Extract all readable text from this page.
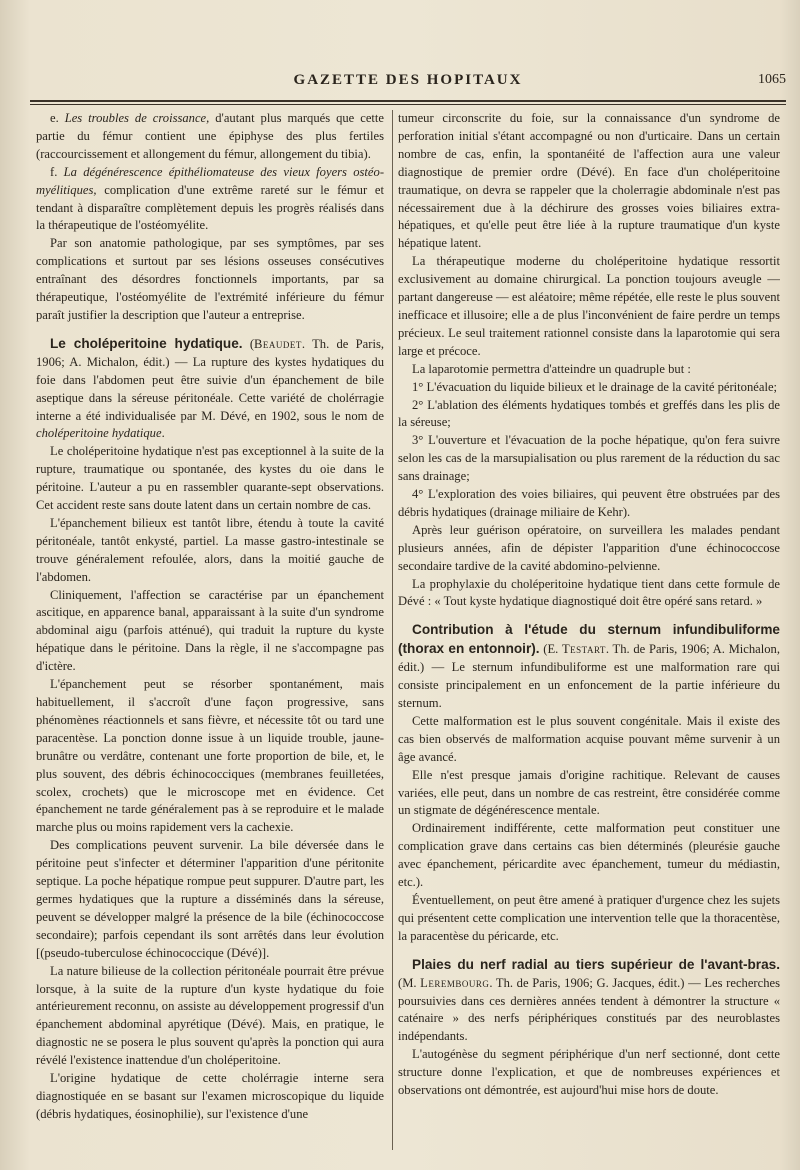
GAZETTE DES HOPITAUX	1065

e. Les troubles de croissance, d'autant plus marqués que cette partie du fémur contient une épiphyse des plus fertiles (raccourcissement et allongement du fémur, allongement du tibia).

f. La dégénérescence épithéliomateuse des vieux foyers ostéo-myélitiques, complication d'une extrême rareté sur le fémur et tendant à disparaître complètement depuis les progrès réalisés dans la thérapeutique de l'ostéomyélite.

Par son anatomie pathologique, par ses symptômes, par ses complications et surtout par ses lésions osseuses consécutives entraînant des désordres fonctionnels importants, par sa thérapeutique, l'ostéomyélite de l'extrémité inférieure du fémur paraît justifier la description que l'auteur a entreprise.

Le choléperitoine hydatique. (Beaudet. Th. de Paris, 1906; A. Michalon, édit.) — La rupture des kystes hydatiques du foie dans l'abdomen peut être suivie d'un épanchement de bile aseptique dans la séreuse péritonéale. Cette variété de cholérragie interne a été individualisée par M. Dévé, en 1902, sous le nom de choléperitoine hydatique.

Le choléperitoine hydatique n'est pas exceptionnel à la suite de la rupture, traumatique ou spontanée, des kystes du oie dans le péritoine. L'auteur a pu en rassembler quarante-sept observations. Cet accident reste sans doute latent dans un certain nombre de cas.

L'épanchement bilieux est tantôt libre, étendu à toute la cavité péritonéale, tantôt enkysté, partiel. La masse gastro-intestinale se trouve généralement refoulée, alors, dans la moitié gauche de l'abdomen.

Cliniquement, l'affection se caractérise par un épanchement ascitique, en apparence banal, apparaissant à la suite d'un syndrome abdominal aigu (parfois atténué), qui traduit la rupture du kyste hépatique dans le péritoine. Dans la règle, il ne s'accompagne pas d'ictère.

L'épanchement peut se résorber spontanément, mais habituellement, il s'accroît d'une façon progressive, sans phénomènes réactionnels et sans fièvre, et nécessite tôt ou tard une paracentèse. La ponction donne issue à un liquide trouble, jaune-brunâtre ou verdâtre, contenant une forte proportion de bile, et, le plus souvent, des débris échinococciques (membranes feuilletées, scolex, crochets) que le microscope met en évidence. Cet épanchement ne tarde généralement pas à se reproduire et le malade marche plus ou moins rapidement vers la cachexie.

Des complications peuvent survenir. La bile déversée dans le péritoine peut s'infecter et déterminer l'apparition d'une péritonite septique. La poche hépatique rompue peut suppurer. D'autre part, les germes hydatiques que la rupture a disséminés dans la séreuse, peuvent se développer malgré la présence de la bile (échinococcose secondaire); parfois cependant ils sont arrêtés dans leur évolution [(pseudo-tuberculose échinococcique (Dévé)].

La nature bilieuse de la collection péritonéale pourrait être prévue lorsque, à la suite de la rupture d'un kyste hydatique du foie antérieurement reconnu, on assiste au développement progressif d'un épanchement abdominal apyrétique (Dévé). Mais, en pratique, le diagnostic ne se posera le plus souvent qu'après la ponction qui aura révélé l'existence inattendue d'un choléperitoine.

L'origine hydatique de cette cholérragie interne sera diagnostiquée en se basant sur l'examen microscopique du liquide (débris hydatiques, éosinophilie), sur l'existence d'une

tumeur circonscrite du foie, sur la connaissance d'un syndrome de perforation initial s'étant accompagné ou non d'urticaire. Dans un certain nombre de cas, enfin, la spontanéité de l'affection aura une valeur diagnostique de premier ordre (Dévé). En face d'un choléperitoine traumatique, on devra se rappeler que la cholerragie abdominale n'est pas nécessairement due à la déchirure des grosses voies biliaires extra-hépatiques, et qu'elle peut être liée à la rupture traumatique d'un kyste hépatique latent.

La thérapeutique moderne du choléperitoine hydatique ressortit exclusivement au domaine chirurgical. La ponction toujours aveugle — partant dangereuse — est aléatoire; même répétée, elle reste le plus souvent inefficace et illusoire; elle a de plus l'inconvénient de faire perdre un temps précieux. Le seul traitement rationnel consiste dans la laparotomie qui sera large et précoce.

La laparotomie permettra d'atteindre un quadruple but :

1° L'évacuation du liquide bilieux et le drainage de la cavité péritonéale;

2° L'ablation des éléments hydatiques tombés et greffés dans les plis de la séreuse;

3° L'ouverture et l'évacuation de la poche hépatique, qu'on fera suivre selon les cas de la marsupialisation ou plus rarement de la réduction du sac sans drainage;

4° L'exploration des voies biliaires, qui peuvent être obstruées par des débris hydatiques (drainage miliaire de Kehr).

Après leur guérison opératoire, on surveillera les malades pendant plusieurs années, afin de dépister l'apparition d'une échinococcose secondaire tardive de la cavité abdomino-pelvienne.

La prophylaxie du choléperitoine hydatique tient dans cette formule de Dévé : « Tout kyste hydatique diagnostiqué doit être opéré sans retard. »

Contribution à l'étude du sternum infundibuliforme (thorax en entonnoir). (E. Testart. Th. de Paris, 1906; A. Michalon, édit.) — Le sternum infundibuliforme est une malformation rare qui consiste principalement en un enfoncement de la partie inférieure du sternum.

Cette malformation est le plus souvent congénitale. Mais il existe des cas bien observés de malformation acquise pouvant même survenir à un âge avancé.

Elle n'est presque jamais d'origine rachitique. Relevant de causes variées, elle peut, dans un nombre de cas restreint, être considérée comme un stigmate de dégénérescence mentale.

Ordinairement indifférente, cette malformation peut constituer une complication grave dans certains cas bien déterminés (pleurésie gauche avec épanchement, péricardite avec épanchement, tumeur du médiastin, etc.).

Éventuellement, on peut être amené à pratiquer d'urgence chez les sujets qui présentent cette complication une intervention telle que la thoracentèse, la paracentèse du péricarde, etc.

Plaies du nerf radial au tiers supérieur de l'avant-bras. (M. Lerembourg. Th. de Paris, 1906; G. Jacques, édit.) — Les recherches poursuivies dans ces dernières années tendent à démontrer la structure « caténaire » des nerfs périphériques constitués par des neuroblastes indépendants.

L'autogénèse du segment périphérique d'un nerf sectionné, dont cette structure donne l'explication, et que de nombreuses expériences et observations ont démontrée, est aujourd'hui mise hors de doute.
